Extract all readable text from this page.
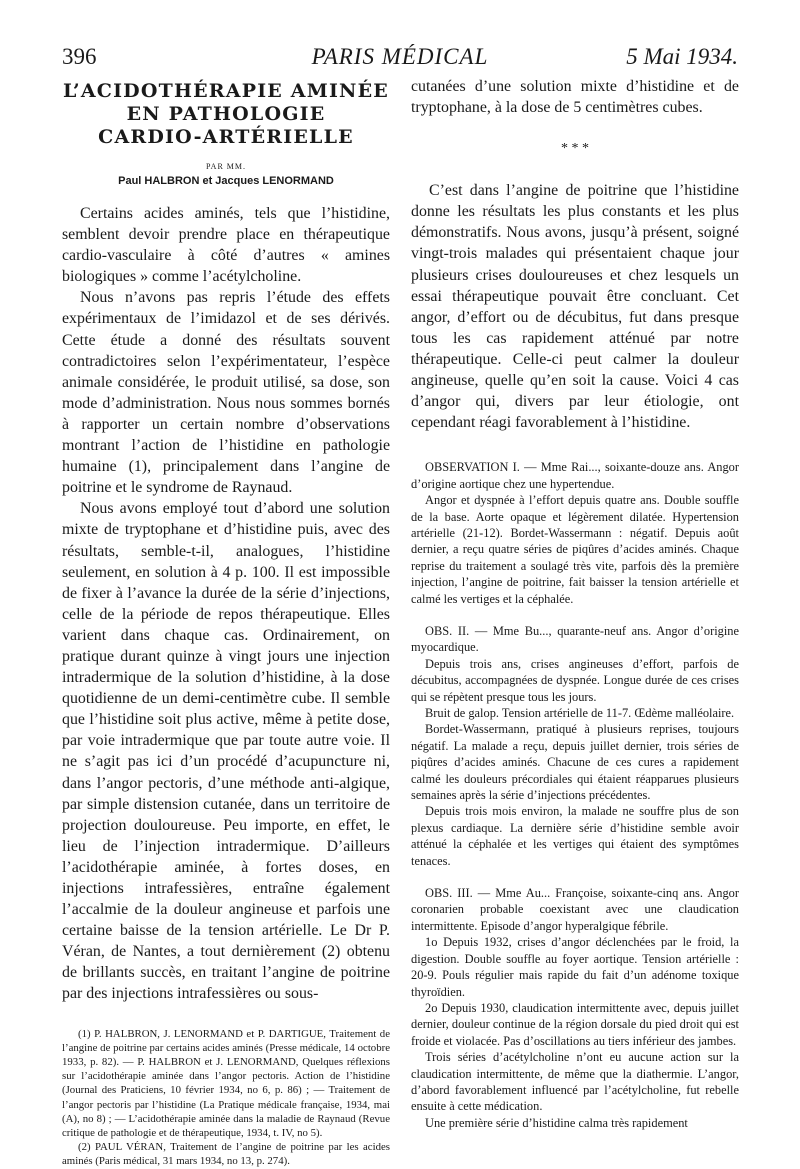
396	PARIS MÉDICAL	5 Mai 1934.
L’ACIDOTHÉRAPIE AMINÉE
EN PATHOLOGIE
CARDIO-ARTÉRIELLE
PAR MM.
Paul HALBRON et Jacques LENORMAND

Certains acides aminés, tels que l’histidine, semblent devoir prendre place en thérapeutique cardio-vasculaire à côté d’autres « amines biologiques » comme l’acétylcholine.

Nous n’avons pas repris l’étude des effets expérimentaux de l’imidazol et de ses dérivés. Cette étude a donné des résultats souvent contradictoires selon l’expérimentateur, l’espèce animale considérée, le produit utilisé, sa dose, son mode d’administration. Nous nous sommes bornés à rapporter un certain nombre d’observations montrant l’action de l’histidine en pathologie humaine (1), principalement dans l’angine de poitrine et le syndrome de Raynaud.

Nous avons employé tout d’abord une solution mixte de tryptophane et d’histidine puis, avec des résultats, semble-t-il, analogues, l’histidine seulement, en solution à 4 p. 100. Il est impossible de fixer à l’avance la durée de la série d’injections, celle de la période de repos thérapeutique. Elles varient dans chaque cas. Ordinairement, on pratique durant quinze à vingt jours une injection intradermique de la solution d’histidine, à la dose quotidienne de un demi-centimètre cube. Il semble que l’histidine soit plus active, même à petite dose, par voie intradermique que par toute autre voie. Il ne s’agit pas ici d’un procédé d’acupuncture ni, dans l’angor pectoris, d’une méthode anti-algique, par simple distension cutanée, dans un territoire de projection douloureuse. Peu importe, en effet, le lieu de l’injection intradermique. D’ailleurs l’acidothérapie aminée, à fortes doses, en injections intrafessières, entraîne également l’accalmie de la douleur angineuse et parfois une certaine baisse de la tension artérielle. Le Dr P. Véran, de Nantes, a tout dernièrement (2) obtenu de brillants succès, en traitant l’angine de poitrine par des injections intrafessières ou sous-

(1) P. HALBRON, J. LENORMAND et P. DARTIGUE, Traitement de l’angine de poitrine par certains acides aminés (Presse médicale, 14 octobre 1933, p. 82). — P. HALBRON et J. LENORMAND, Quelques réflexions sur l’acidothérapie aminée dans l’angor pectoris. Action de l’histidine (Journal des Praticiens, 10 février 1934, no 6, p. 86) ; — Traitement de l’angor pectoris par l’histidine (La Pratique médicale française, 1934, mai (A), no 8) ; — L’acidothérapie aminée dans la maladie de Raynaud (Revue critique de pathologie et de thérapeutique, 1934, t. IV, no 5).

(2) PAUL VÉRAN, Traitement de l’angine de poitrine par les acides aminés (Paris médical, 31 mars 1934, no 13, p. 274).

cutanées d’une solution mixte d’histidine et de tryptophane, à la dose de 5 centimètres cubes.

* * *

C’est dans l’angine de poitrine que l’histidine donne les résultats les plus constants et les plus démonstratifs. Nous avons, jusqu’à présent, soigné vingt-trois malades qui présentaient chaque jour plusieurs crises douloureuses et chez lesquels un essai thérapeutique pouvait être concluant. Cet angor, d’effort ou de décubitus, fut dans presque tous les cas rapidement atténué par notre thérapeutique. Celle-ci peut calmer la douleur angineuse, quelle qu’en soit la cause. Voici 4 cas d’angor qui, divers par leur étiologie, ont cependant réagi favorablement à l’histidine.

OBSERVATION I. — Mme Rai..., soixante-douze ans. Angor d’origine aortique chez une hypertendue.

Angor et dyspnée à l’effort depuis quatre ans. Double souffle de la base. Aorte opaque et légèrement dilatée. Hypertension artérielle (21-12). Bordet-Wassermann : négatif. Depuis août dernier, a reçu quatre séries de piqûres d’acides aminés. Chaque reprise du traitement a soulagé très vite, parfois dès la première injection, l’angine de poitrine, fait baisser la tension artérielle et calmé les vertiges et la céphalée.

OBS. II. — Mme Bu..., quarante-neuf ans. Angor d’origine myocardique.

Depuis trois ans, crises angineuses d’effort, parfois de décubitus, accompagnées de dyspnée. Longue durée de ces crises qui se répètent presque tous les jours.

Bruit de galop. Tension artérielle de 11-7. Œdème malléolaire.

Bordet-Wassermann, pratiqué à plusieurs reprises, toujours négatif. La malade a reçu, depuis juillet dernier, trois séries de piqûres d’acides aminés. Chacune de ces cures a rapidement calmé les douleurs précordiales qui étaient réapparues plusieurs semaines après la série d’injections précédentes.

Depuis trois mois environ, la malade ne souffre plus de son plexus cardiaque. La dernière série d’histidine semble avoir atténué la céphalée et les vertiges qui étaient des symptômes tenaces.

OBS. III. — Mme Au... Françoise, soixante-cinq ans. Angor coronarien probable coexistant avec une claudication intermittente. Episode d’angor hyperalgique fébrile.

1o Depuis 1932, crises d’angor déclenchées par le froid, la digestion. Double souffle au foyer aortique. Tension artérielle : 20-9. Pouls régulier mais rapide du fait d’un adénome toxique thyroïdien.

2o Depuis 1930, claudication intermittente avec, depuis juillet dernier, douleur continue de la région dorsale du pied droit qui est froide et violacée. Pas d’oscillations au tiers inférieur des jambes.

Trois séries d’acétylcholine n’ont eu aucune action sur la claudication intermittente, de même que la diathermie. L’angor, d’abord favorablement influencé par l’acétylcholine, fut rebelle ensuite à cette médication.

Une première série d’histidine calma très rapidement
